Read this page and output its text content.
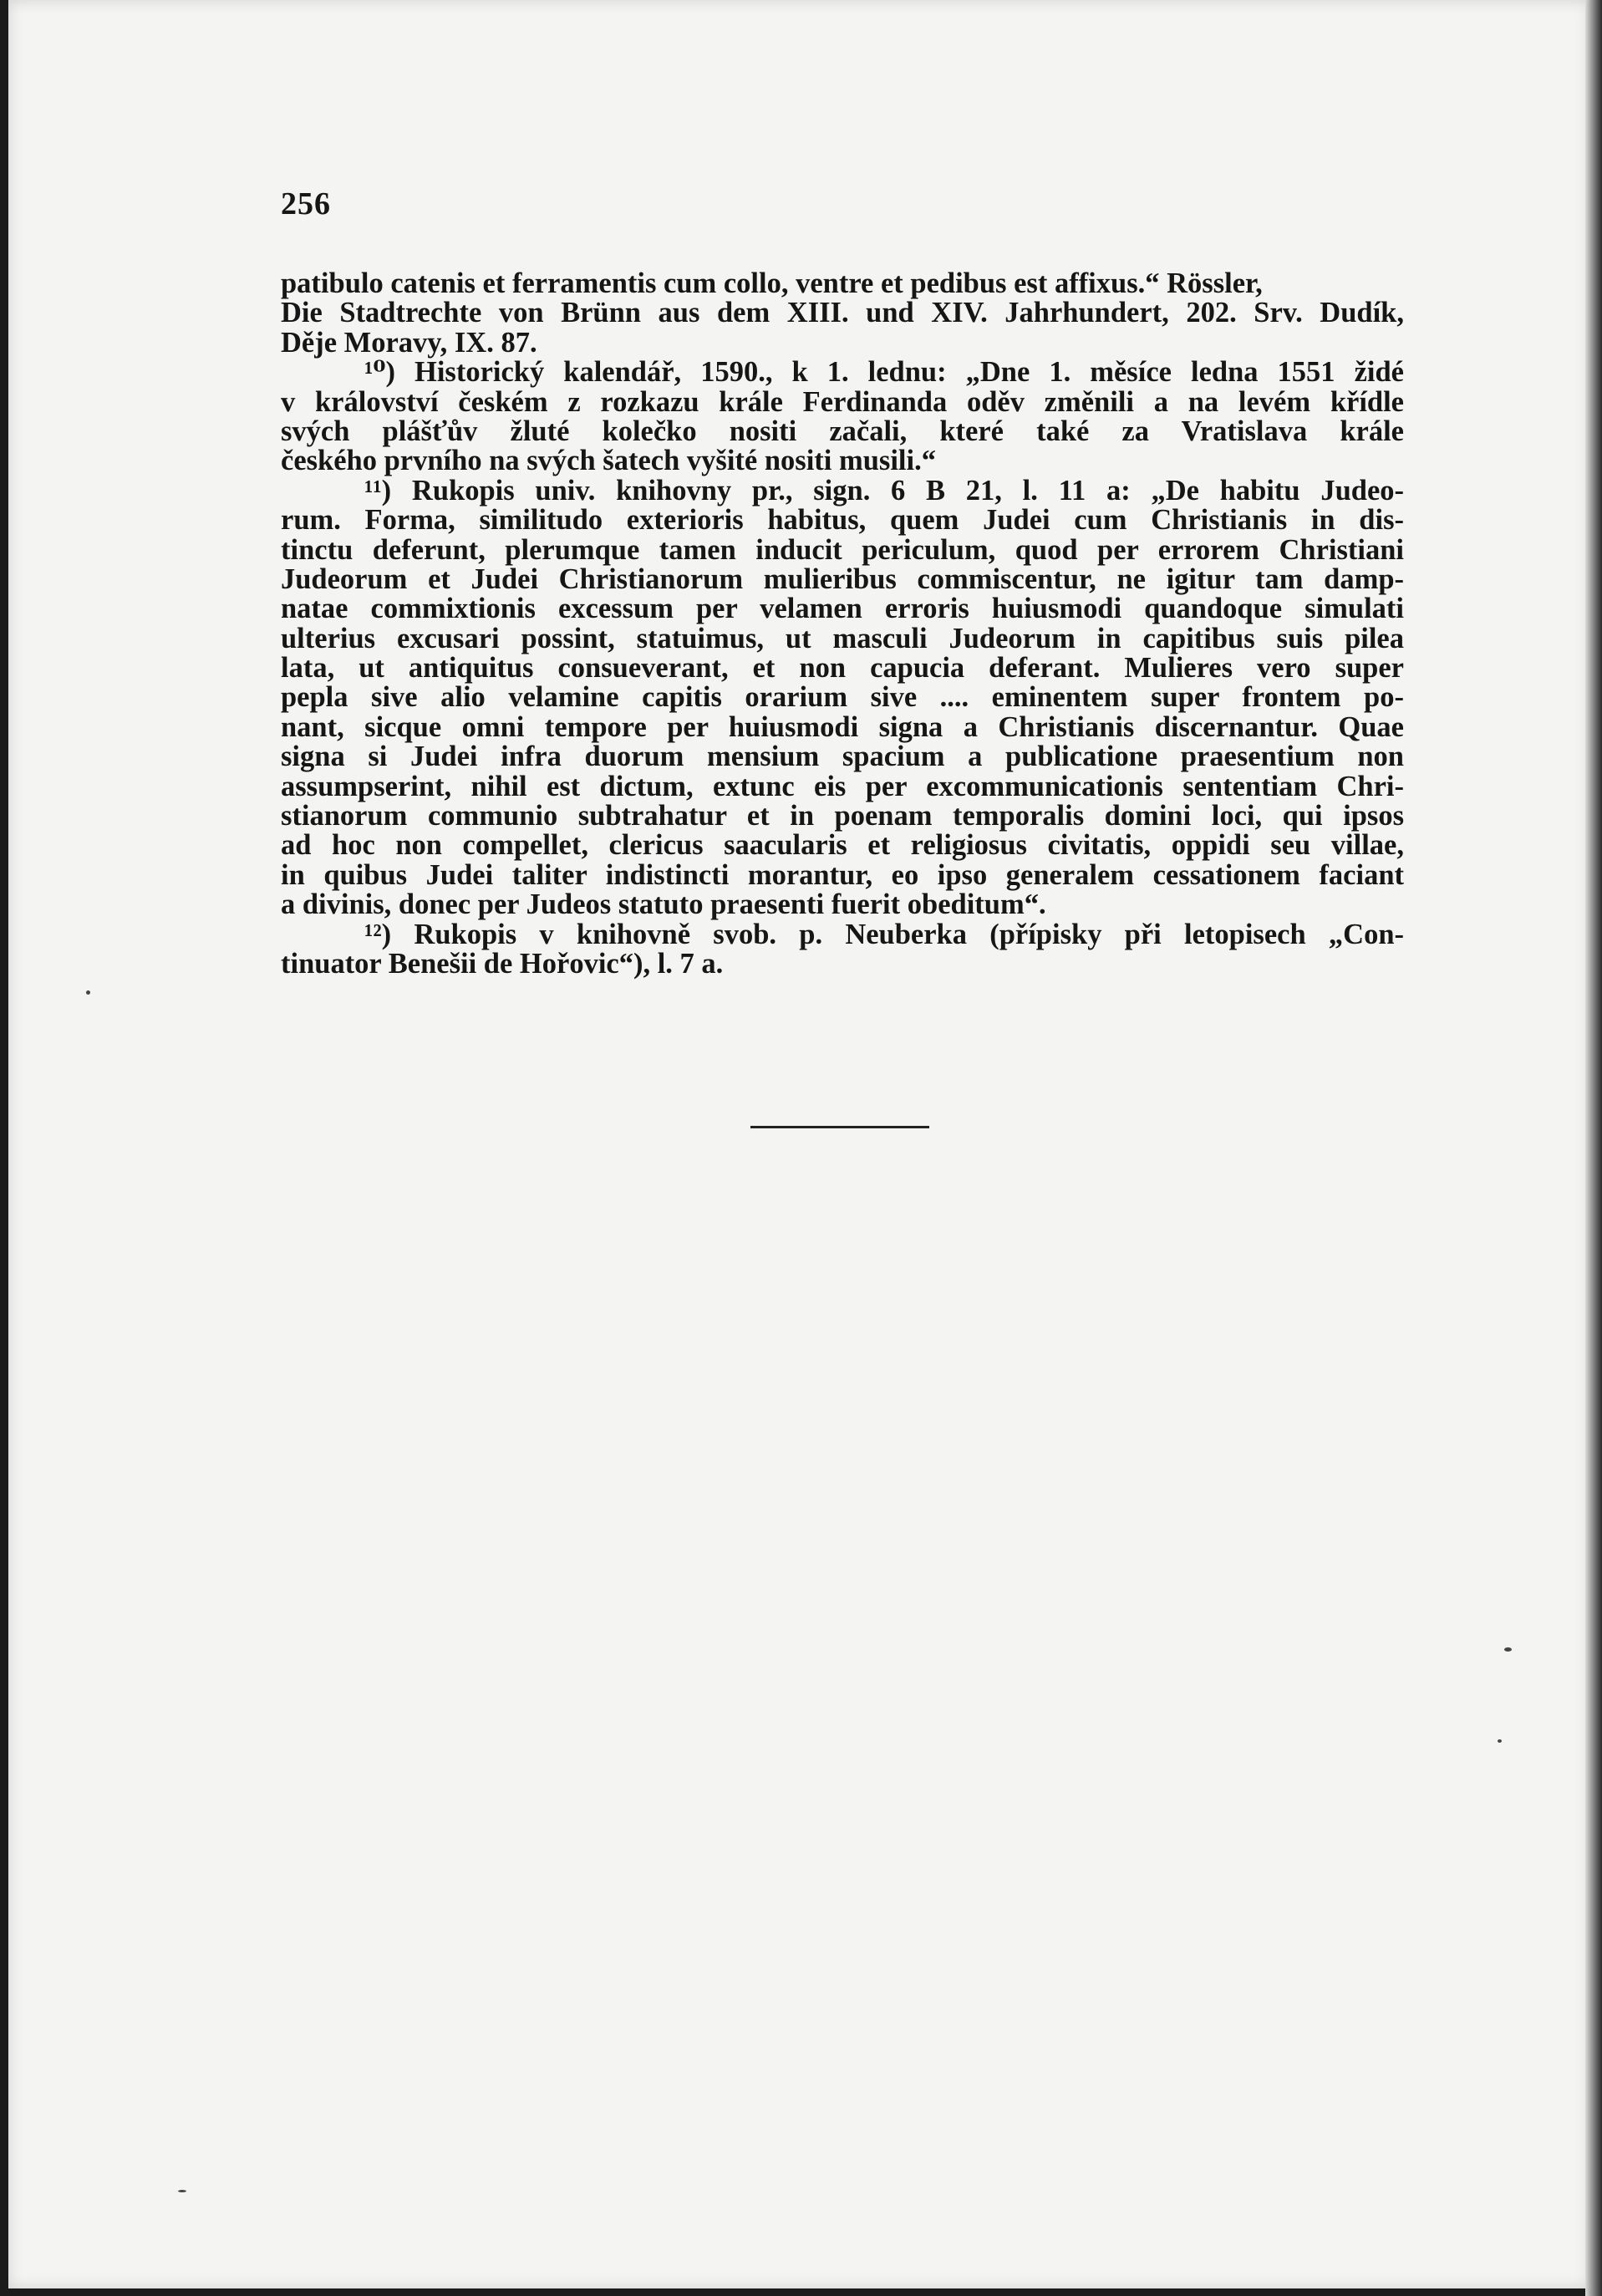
256
patibulo catenis et ferramentis cum collo, ventre et pedibus est affixus.“ Rössler,
Die Stadtrechte von Brünn aus dem XIII. und XIV. Jahrhundert, 202. Srv. Dudík,
Děje Moravy, IX. 87.
¹⁰) Historický kalendář, 1590., k 1. lednu: „Dne 1. měsíce ledna 1551 židé
v království českém z rozkazu krále Ferdinanda oděv změnili a na levém křídle
svých plášťův žluté kolečko nositi začali, které také za Vratislava krále
českého prvního na svých šatech vyšité nositi musili.“
¹¹) Rukopis univ. knihovny pr., sign. 6 B 21, l. 11 a: „De habitu Judeo-
rum. Forma, similitudo exterioris habitus, quem Judei cum Christianis in dis-
tinctu deferunt, plerumque tamen inducit periculum, quod per errorem Christiani
Judeorum et Judei Christianorum mulieribus commiscentur, ne igitur tam damp-
natae commixtionis excessum per velamen erroris huiusmodi quandoque simulati
ulterius excusari possint, statuimus, ut masculi Judeorum in capitibus suis pilea
lata, ut antiquitus consueverant, et non capucia deferant. Mulieres vero super
pepla sive alio velamine capitis orarium sive .... eminentem super frontem po-
nant, sicque omni tempore per huiusmodi signa a Christianis discernantur. Quae
signa si Judei infra duorum mensium spacium a publicatione praesentium non
assumpserint, nihil est dictum, extunc eis per excommunicationis sententiam Chri-
stianorum communio subtrahatur et in poenam temporalis domini loci, qui ipsos
ad hoc non compellet, clericus saacularis et religiosus civitatis, oppidi seu villae,
in quibus Judei taliter indistincti morantur, eo ipso generalem cessationem faciant
a divinis, donec per Judeos statuto praesenti fuerit obeditum“.
¹²) Rukopis v knihovně svob. p. Neuberka (přípisky při letopisech „Con-
tinuator Benešii de Hořovic“), l. 7 a.
